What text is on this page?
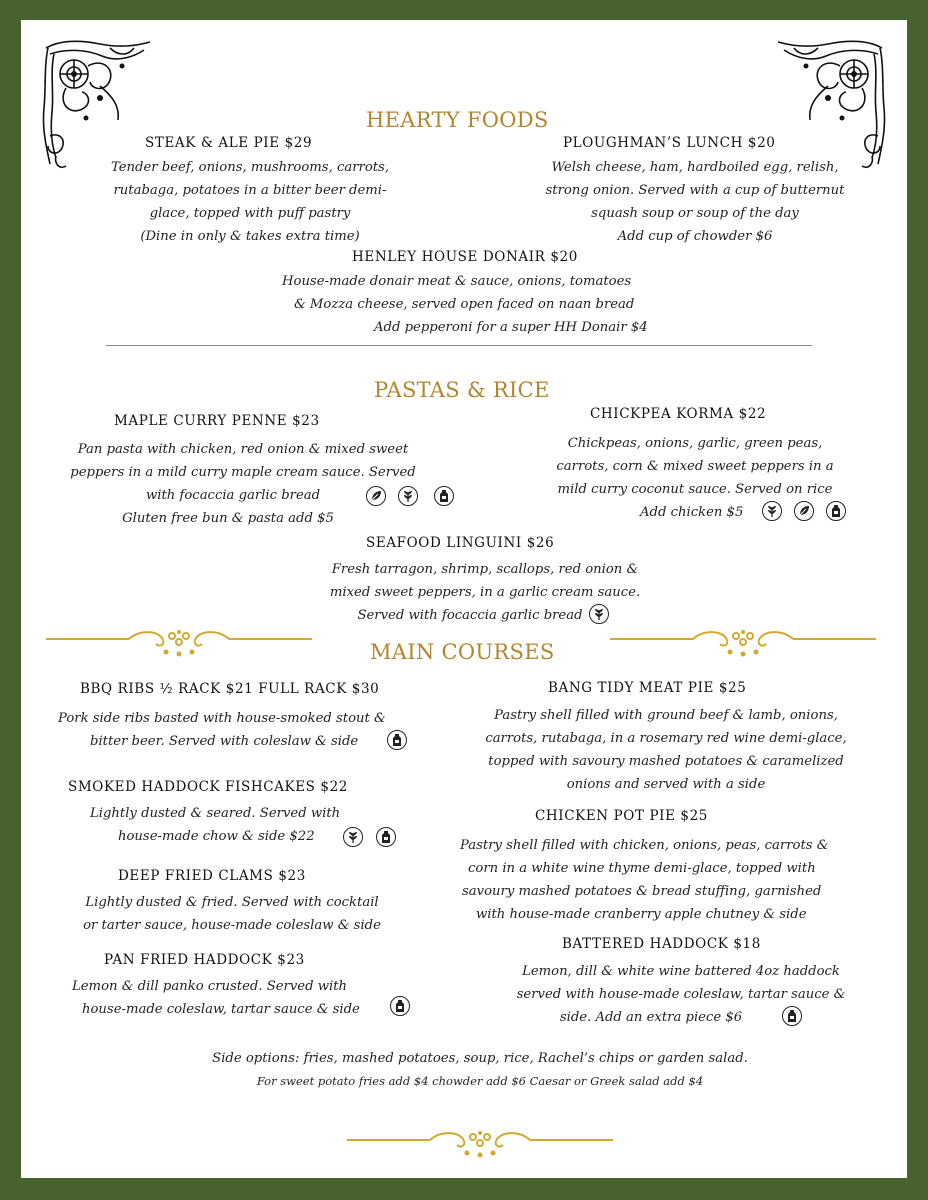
HEARTY FOODS
STEAK & ALE PIE $29
Tender beef, onions, mushrooms, carrots,
rutabaga, potatoes in a bitter beer demi-
glace, topped with puff pastry
(Dine in only & takes extra time)
PLOUGHMAN’S LUNCH $20
Welsh cheese, ham, hardboiled egg, relish,
strong onion. Served with a cup of butternut
squash soup or soup of the day
Add cup of chowder $6
HENLEY HOUSE DONAIR $20
House-made donair meat & sauce, onions, tomatoes
& Mozza cheese, served open faced on naan bread
Add pepperoni for a super HH Donair $4
PASTAS & RICE
MAPLE CURRY PENNE $23
Pan pasta with chicken, red onion & mixed sweet
peppers in a mild curry maple cream sauce. Served
with focaccia garlic bread
Gluten free bun & pasta add $5
CHICKPEA KORMA $22
Chickpeas, onions, garlic, green peas,
carrots, corn & mixed sweet peppers in a
mild curry coconut sauce. Served on rice
Add chicken $5
SEAFOOD LINGUINI $26
Fresh tarragon, shrimp, scallops, red onion &
mixed sweet peppers, in a garlic cream sauce.
Served with focaccia garlic bread
MAIN COURSES
BBQ RIBS ½ RACK $21 FULL RACK $30
Pork side ribs basted with house-smoked stout &
bitter beer. Served with coleslaw & side
SMOKED HADDOCK FISHCAKES $22
Lightly dusted & seared. Served with
house-made chow & side $22
DEEP FRIED CLAMS $23
Lightly dusted & fried. Served with cocktail
or tarter sauce, house-made coleslaw & side
PAN FRIED HADDOCK $23
Lemon & dill panko crusted. Served with
house-made coleslaw, tartar sauce & side
BANG TIDY MEAT PIE $25
Pastry shell filled with ground beef & lamb, onions,
carrots, rutabaga, in a rosemary red wine demi-glace,
topped with savoury mashed potatoes & caramelized
onions and served with a side
CHICKEN POT PIE $25
Pastry shell filled with chicken, onions, peas, carrots &
corn in a white wine thyme demi-glace, topped with
savoury mashed potatoes & bread stuffing, garnished
with house-made cranberry apple chutney & side
BATTERED HADDOCK $18
Lemon, dill & white wine battered 4oz haddock
served with house-made coleslaw, tartar sauce &
side. Add an extra piece $6
Side options: fries, mashed potatoes, soup, rice, Rachel’s chips or garden salad.
For sweet potato fries add $4 chowder add $6 Caesar or Greek salad add $4
